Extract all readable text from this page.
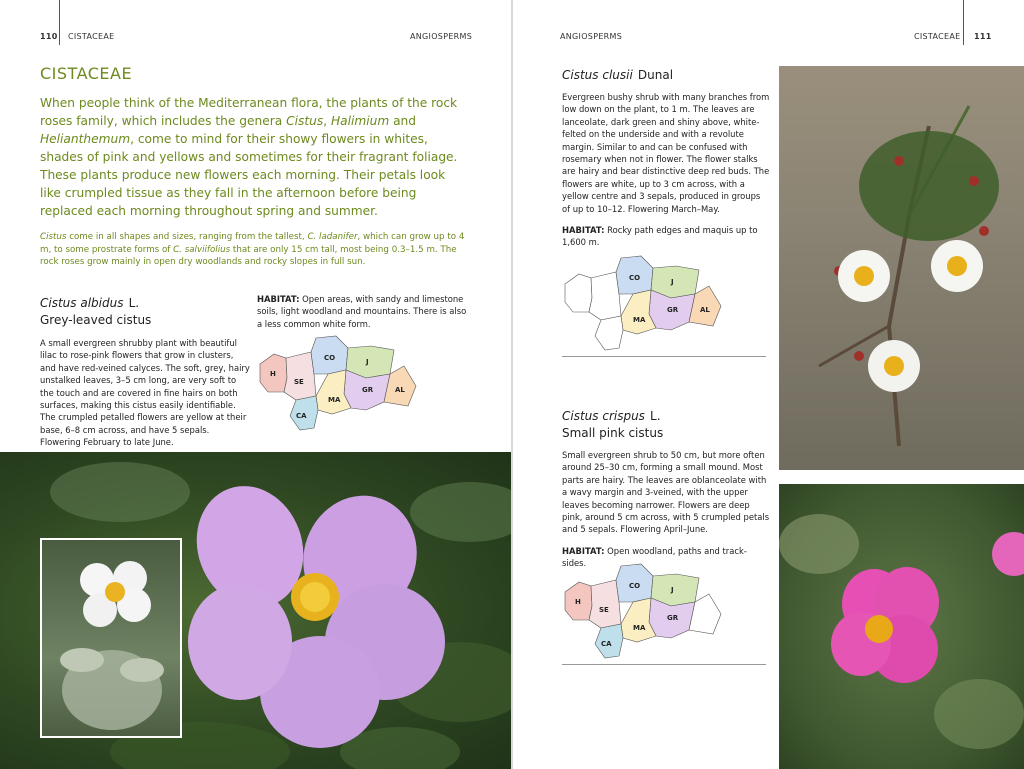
110 CISTACEAE	ANGIOSPERMS
CISTACEAE

When people think of the Mediterranean flora, the plants of the rock roses family, which includes the genera Cistus, Halimium and Helianthemum, come to mind for their showy flowers in whites, shades of pink and yellows and sometimes for their fragrant foliage. These plants produce new flowers each morning. Their petals look like crumpled tissue as they fall in the afternoon before being replaced each morning throughout spring and summer.

Cistus come in all shapes and sizes, ranging from the tallest, C. ladanifer, which can grow up to 4 m, to some prostrate forms of C. salviifolius that are only 15 cm tall, most being 0.3–1.5 m. The rock roses grow mainly in open dry woodlands and rocky slopes in full sun.

Cistus albidus L.
Grey-leaved cistus

A small evergreen shrubby plant with beautiful lilac to rose-pink flowers that grow in clusters, and have red-veined calyces. The soft, grey, hairy unstalked leaves, 3–5 cm long, are very soft to the touch and are covered in fine hairs on both surfaces, making this cistus easily identifiable. The crumpled petalled flowers are yellow at their base, 6–8 cm across, and have 5 sepals. Flowering February to late June.

HABITAT: Open areas, with sandy and limestone soils, light woodland and mountains. There is also a less common white form.

H
SE
CO	J
GR	AL
MA
CA
ANGIOSPERMS	CISTACEAE 111
Cistus clusii Dunal

Evergreen bushy shrub with many branches from low down on the plant, to 1 m. The leaves are lanceolate, dark green and shiny above, white-felted on the underside and with a revolute margin. Similar to and can be confused with rosemary when not in flower. The flower stalks are hairy and bear distinctive deep red buds. The flowers are white, up to 3 cm across, with a yellow centre and 3 sepals, produced in groups of up to 10–12. Flowering March–May.

HABITAT: Rocky path edges and maquis up to 1,600 m.

CO	J
GR	AL
MA
Cistus crispus L.
Small pink cistus

Small evergreen shrub to 50 cm, but more often around 25–30 cm, forming a small mound. Most parts are hairy. The leaves are oblanceolate with a wavy margin and 3-veined, with the upper leaves becoming narrower. Flowers are deep pink, around 5 cm across, with 5 crumpled petals and 5 sepals. Flowering April–June.

HABITAT: Open woodland, paths and track-sides.

H
SE
CO	J
GR
MA
CA
